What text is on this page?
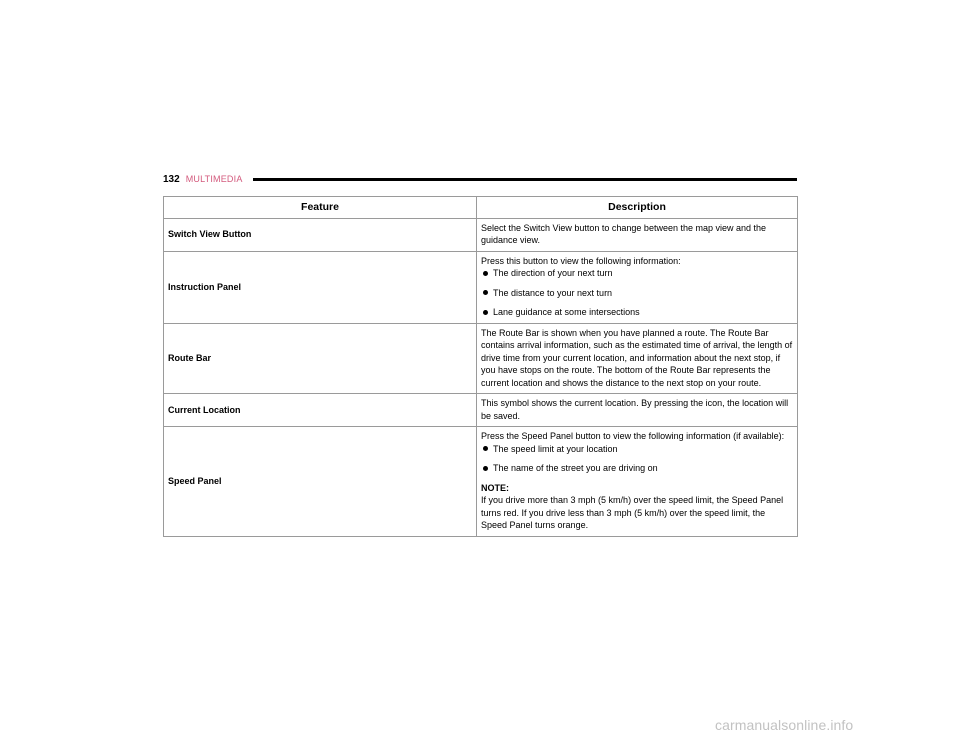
132 MULTIMEDIA
Feature	Description
Switch View Button	Select the Switch View button to change between the map view and the guidance view.
Instruction Panel	Press this button to view the following information:
The direction of your next turn
The distance to your next turn
Lane guidance at some intersections

Route Bar	The Route Bar is shown when you have planned a route. The Route Bar contains arrival information, such as the estimated time of arrival, the length of drive time from your current location, and information about the next stop, if you have stops on the route. The bottom of the Route Bar represents the current location and shows the distance to the next stop on your route.
Current Location	This symbol shows the current location. By pressing the icon, the location will be saved.
Speed Panel	Press the Speed Panel button to view the following information (if available):
The speed limit at your location
The name of the street you are driving on
NOTE:
If you drive more than 3 mph (5 km/h) over the speed limit, the Speed Panel turns red. If you drive less than 3 mph (5 km/h) over the speed limit, the Speed Panel turns orange.
carmanualsonline.info
